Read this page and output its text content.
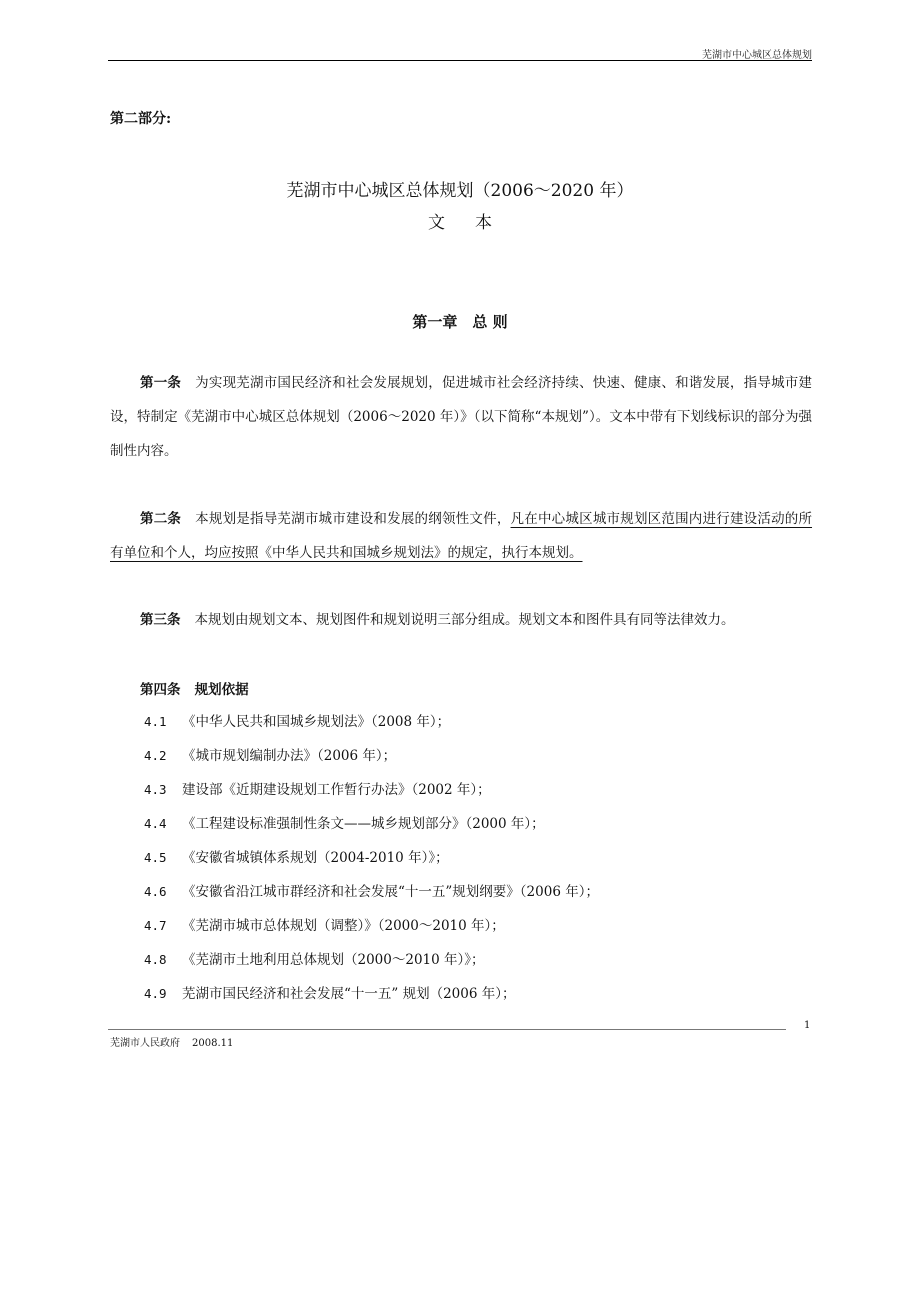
芜湖市中心城区总体规划
第二部分:
芜湖市中心城区总体规划（2006～2020 年）
文本
第一章　总 则
第一条 为实现芜湖市国民经济和社会发展规划，促进城市社会经济持续、快速、健康、和谐发展，指导城市建设，特制定《芜湖市中心城区总体规划（2006～2020 年）》（以下简称“本规划”）。文本中带有下划线标识的部分为强制性内容。
第二条 本规划是指导芜湖市城市建设和发展的纲领性文件，凡在中心城区城市规划区范围内进行建设活动的所有单位和个人，均应按照《中华人民共和国城乡规划法》的规定，执行本规划。
第三条 本规划由规划文本、规划图件和规划说明三部分组成。规划文本和图件具有同等法律效力。
第四条 规划依据
4.1 《中华人民共和国城乡规划法》（2008 年）；
4.2 《城市规划编制办法》（2006 年）；
4.3 建设部《近期建设规划工作暂行办法》（2002 年）；
4.4 《工程建设标准强制性条文——城乡规划部分》（2000 年）；
4.5 《安徽省城镇体系规划（2004-2010 年）》；
4.6 《安徽省沿江城市群经济和社会发展“十一五”规划纲要》（2006 年）；
4.7 《芜湖市城市总体规划（调整）》（2000～2010 年）；
4.8 《芜湖市土地利用总体规划（2000～2010 年）》；
4.9 芜湖市国民经济和社会发展“十一五” 规划（2006 年）；
1
芜湖市人民政府 2008.11
